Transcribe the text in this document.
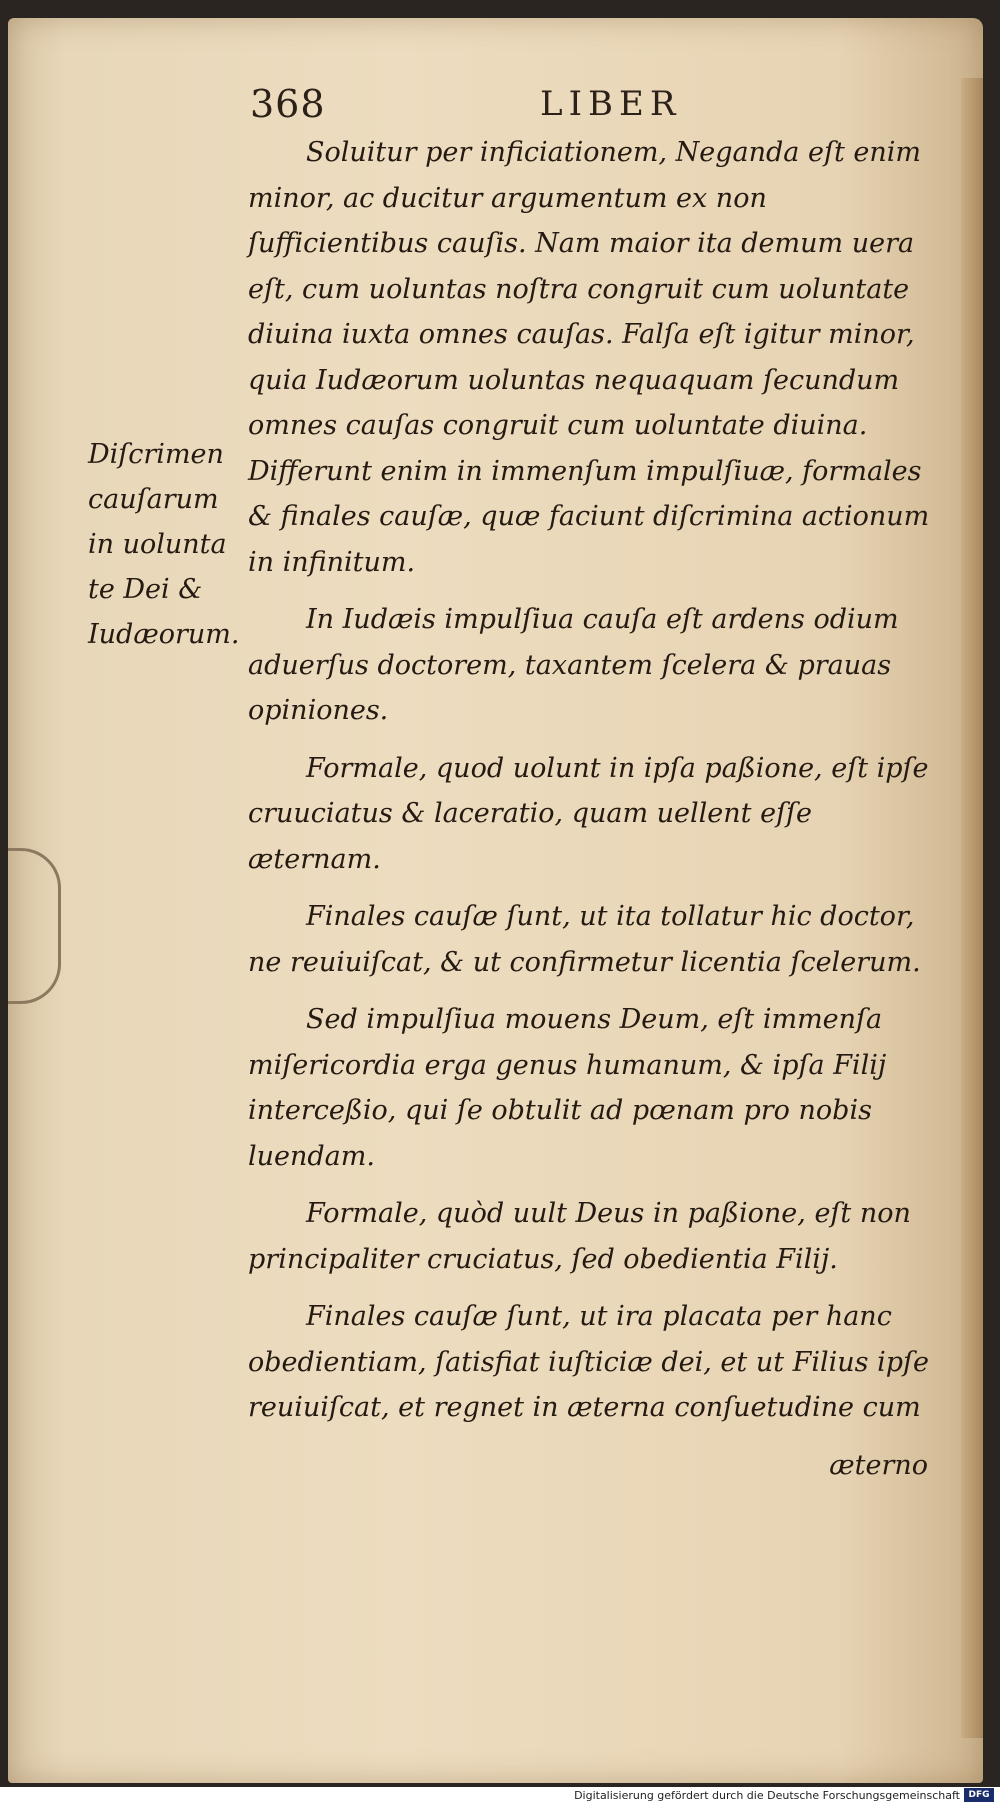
368	LIBER
Diſcrimen
cauſarum
in uolunta
te Dei &
Iudæorum.

Soluitur per inficiationem, Neganda eſt enim minor, ac ducitur argumentum ex non ſufficientibus cauſis. Nam maior ita demum uera eſt, cum uoluntas noſtra congruit cum uoluntate diuina iuxta omnes cauſas. Falſa eſt igitur minor, quia Iudæorum uoluntas nequaquam ſecundum omnes cauſas congruit cum uoluntate diuina. Differunt enim in immenſum impulſiuæ, formales & finales cauſæ, quæ faciunt diſcrimina actionum in infinitum.

In Iudæis impulſiua cauſa eſt ardens odium aduerſus doctorem, taxantem ſcelera & prauas opiniones.

Formale, quod uolunt in ipſa paßione, eſt ipſe cruuciatus & laceratio, quam uellent eſſe æternam.

Finales cauſæ ſunt, ut ita tollatur hic doctor, ne reuiuiſcat, & ut confirmetur licentia ſcelerum.

Sed impulſiua mouens Deum, eſt immenſa miſericordia erga genus humanum, & ipſa Filij interceßio, qui ſe obtulit ad pœnam pro nobis luendam.

Formale, quòd uult Deus in paßione, eſt non principaliter cruciatus, ſed obedientia Filij.

Finales cauſæ ſunt, ut ira placata per hanc obedientiam, ſatisfiat iuſticiæ dei, et ut Filius ipſe reuiuiſcat, et regnet in æterna conſuetudine cum

æterno
Digitalisierung gefördert durch die Deutsche Forschungsgemeinschaft DFG
